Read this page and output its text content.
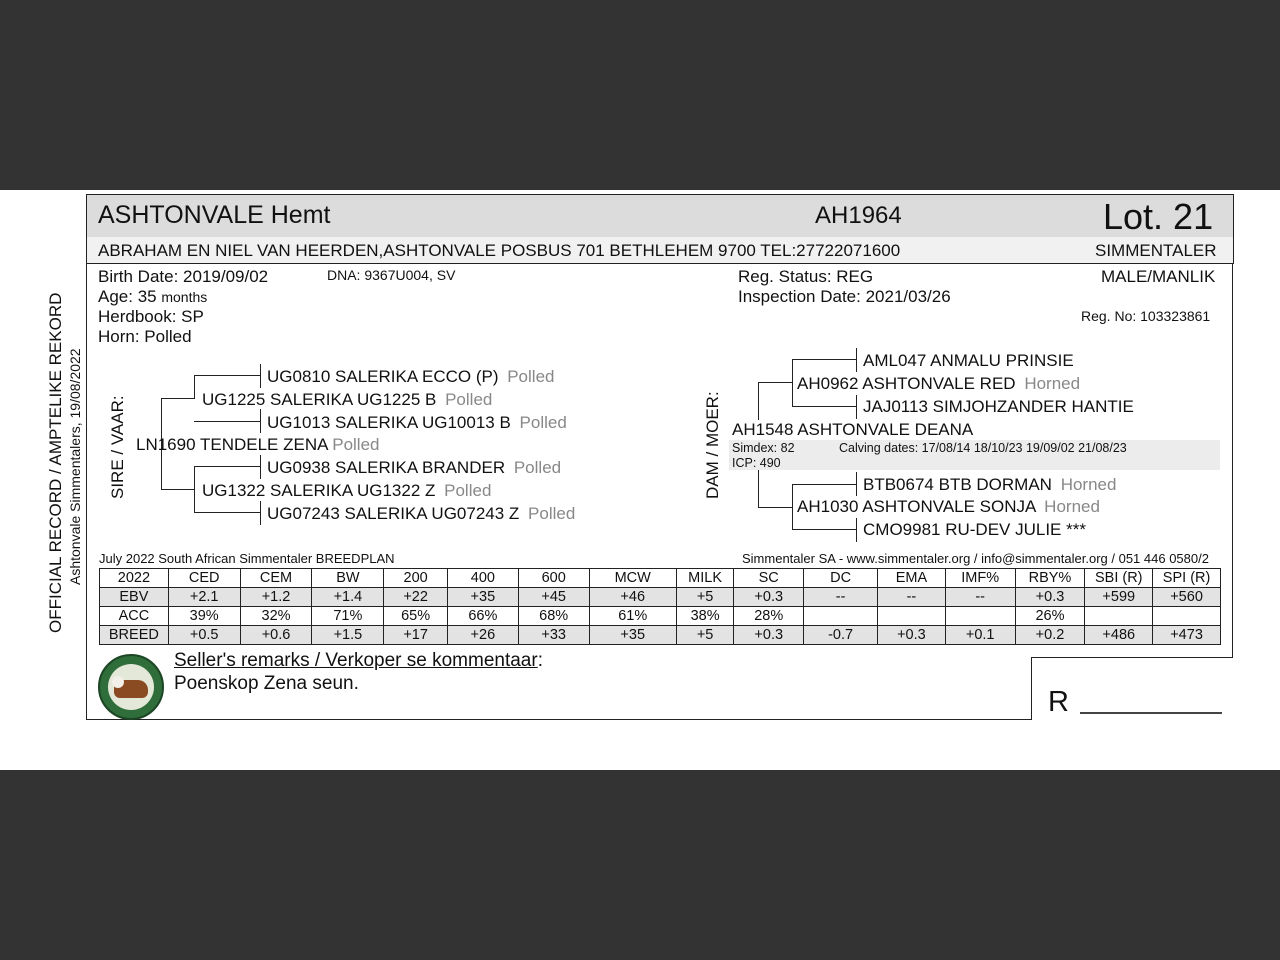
ASHTONVALE Hemt	AH1964	Lot. 21
ABRAHAM EN NIEL VAN HEERDEN,ASHTONVALE POSBUS 701 BETHLEHEM 9700 TEL:27722071600	SIMMENTALER
OFFICIAL RECORD / AMPTELIKE REKORD Ashtonvale Simmentalers, 19/08/2022
Birth Date: 2019/09/02	DNA: 9367U004, SV
Age: 35 months
Herdbook: SP
Horn: Polled
Reg. Status: REG
Inspection Date: 2021/03/26
MALE/MANLIK
Reg. No: 103323861
SIRE / VAAR:
UG0810 SALERIKA ECCO (P) Polled
UG1225 SALERIKA UG1225 B Polled
UG1013 SALERIKA UG10013 B Polled
LN1690 TENDELE ZENA Polled
UG0938 SALERIKA BRANDER Polled
UG1322 SALERIKA UG1322 Z Polled
UG07243 SALERIKA UG07243 Z Polled
DAM / MOER:
AML047 ANMALU PRINSIE
AH0962 ASHTONVALE RED Horned
JAJ0113 SIMJOHZANDER HANTIE
AH1548 ASHTONVALE DEANA
Simdex: 82	Calving dates: 17/08/14 18/10/23 19/09/02 21/08/23
ICP: 490
BTB0674 BTB DORMAN Horned
AH1030 ASHTONVALE SONJA Horned
CMO9981 RU-DEV JULIE ***
July 2022 South African Simmentaler BREEDPLAN	Simmentaler SA - www.simmentaler.org / info@simmentaler.org / 051 446 0580/2
2022	CED	CEM	BW	200	400	600	MCW	MILK	SC	DC	EMA	IMF%	RBY%	SBI (R)	SPI (R)
EBV	+2.1	+1.2	+1.4	+22	+35	+45	+46	+5	+0.3	--	--	--	+0.3	+599	+560
ACC	39%	32%	71%	65%	66%	68%	61%	38%	28%				26%		
BREED	+0.5	+0.6	+1.5	+17	+26	+33	+35	+5	+0.3	-0.7	+0.3	+0.1	+0.2	+486	+473
Seller's remarks / Verkoper se kommentaar:
Poenskop Zena seun.
R
